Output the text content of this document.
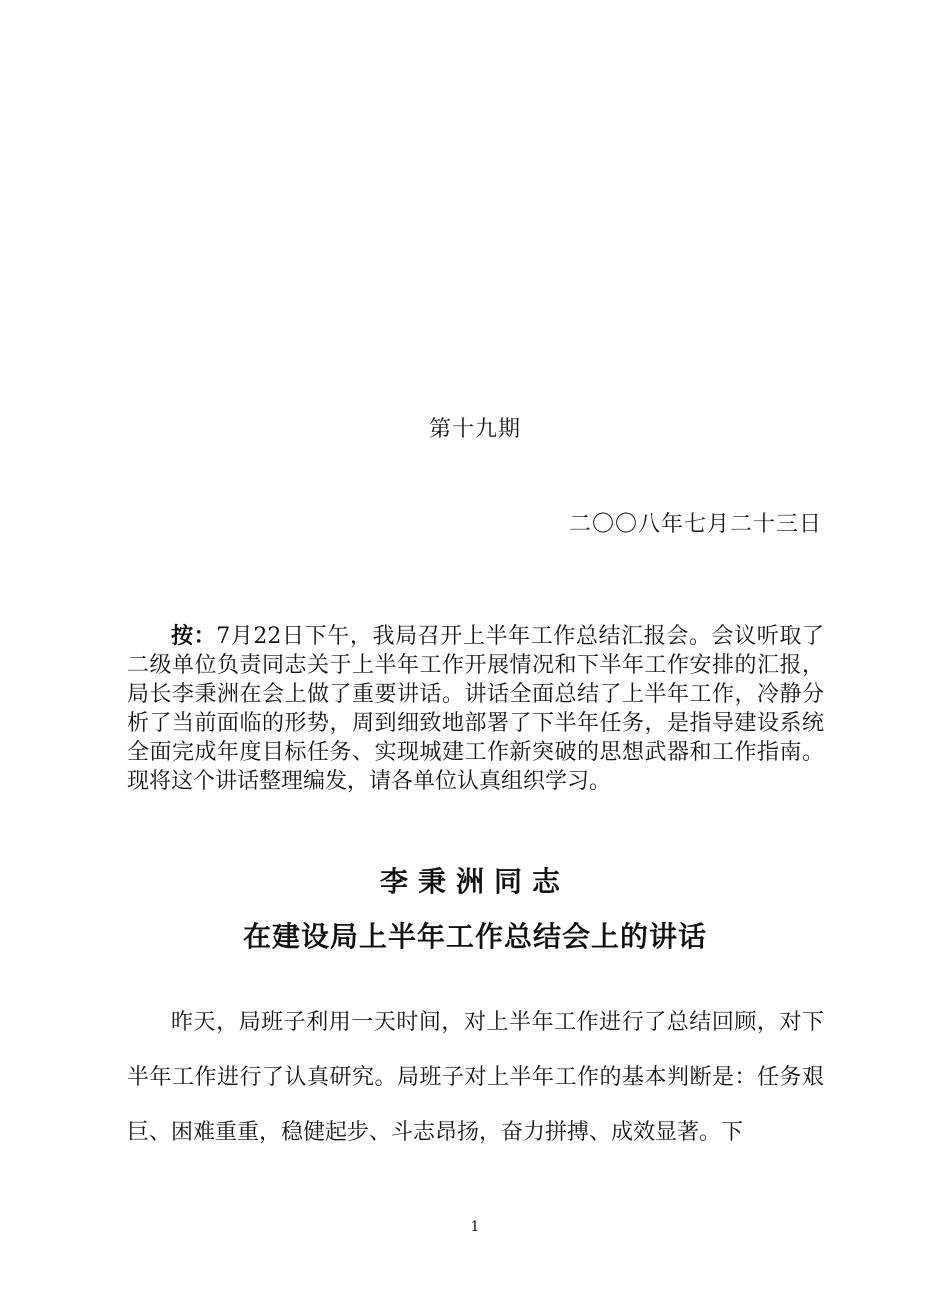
第十九期
二〇〇八年七月二十三日

按：7月22日下午，我局召开上半年工作总结汇报会。会议听取了二级单位负责同志关于上半年工作开展情况和下半年工作安排的汇报，局长李秉洲在会上做了重要讲话。讲话全面总结了上半年工作，冷静分析了当前面临的形势，周到细致地部署了下半年任务，是指导建设系统全面完成年度目标任务、实现城建工作新突破的思想武器和工作指南。现将这个讲话整理编发，请各单位认真组织学习。

李秉洲同志
在建设局上半年工作总结会上的讲话

昨天，局班子利用一天时间，对上半年工作进行了总结回顾，对下半年工作进行了认真研究。局班子对上半年工作的基本判断是：任务艰巨、困难重重，稳健起步、斗志昂扬，奋力拼搏、成效显著。下

1
